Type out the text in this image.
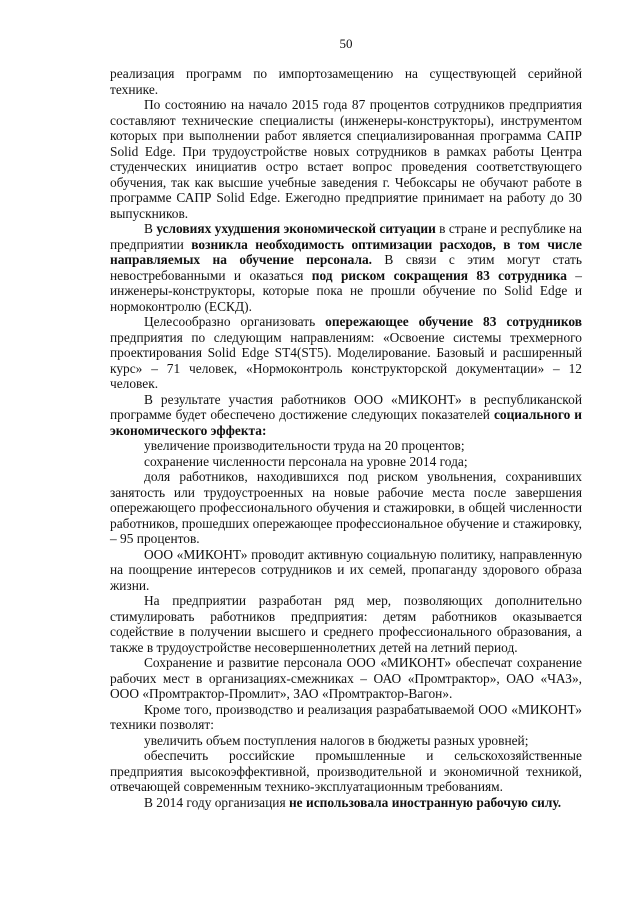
50

реализация программ по импортозамещению на существующей серийной технике.

По состоянию на начало 2015 года 87 процентов сотрудников предприятия составляют технические специалисты (инженеры-конструкторы), инструментом которых при выполнении работ является специализированная программа САПР Solid Edge. При трудоустройстве новых сотрудников в рамках работы Центра студенческих инициатив остро встает вопрос проведения соответствующего обучения, так как высшие учебные заведения г. Чебоксары не обучают работе в программе САПР Solid Edge. Ежегодно предприятие принимает на работу до 30 выпускников.

В условиях ухудшения экономической ситуации в стране и республике на предприятии возникла необходимость оптимизации расходов, в том числе направляемых на обучение персонала. В связи с этим могут стать невостребованными и оказаться под риском сокращения 83 сотрудника – инженеры-конструкторы, которые пока не прошли обучение по Solid Edge и нормоконтролю (ЕСКД).

Целесообразно организовать опережающее обучение 83 сотрудников предприятия по следующим направлениям: «Освоение системы трехмерного проектирования Solid Edge ST4(ST5). Моделирование. Базовый и расширенный курс» – 71 человек, «Нормоконтроль конструкторской документации» – 12 человек.

В результате участия работников ООО «МИКОНТ» в республиканской программе будет обеспечено достижение следующих показателей социального и экономического эффекта:

увеличение производительности труда на 20 процентов;

сохранение численности персонала на уровне 2014 года;

доля работников, находившихся под риском увольнения, сохранивших занятость или трудоустроенных на новые рабочие места после завершения опережающего профессионального обучения и стажировки, в общей численности работников, прошедших опережающее профессиональное обучение и стажировку, – 95 процентов.

ООО «МИКОНТ» проводит активную социальную политику, направленную на поощрение интересов сотрудников и их семей, пропаганду здорового образа жизни.

На предприятии разработан ряд мер, позволяющих дополнительно стимулировать работников предприятия: детям работников оказывается содействие в получении высшего и среднего профессионального образования, а также в трудоустройстве несовершеннолетних детей на летний период.

Сохранение и развитие персонала ООО «МИКОНТ» обеспечат сохранение рабочих мест в организациях-смежниках – ОАО «Промтрактор», ОАО «ЧАЗ», ООО «Промтрактор-Промлит», ЗАО «Промтрактор-Вагон».

Кроме того, производство и реализация разрабатываемой ООО «МИКОНТ» техники позволят:

увеличить объем поступления налогов в бюджеты разных уровней;

обеспечить российские промышленные и сельскохозяйственные предприятия высокоэффективной, производительной и экономичной техникой, отвечающей современным технико-эксплуатационным требованиям.

В 2014 году организация не использовала иностранную рабочую силу.
